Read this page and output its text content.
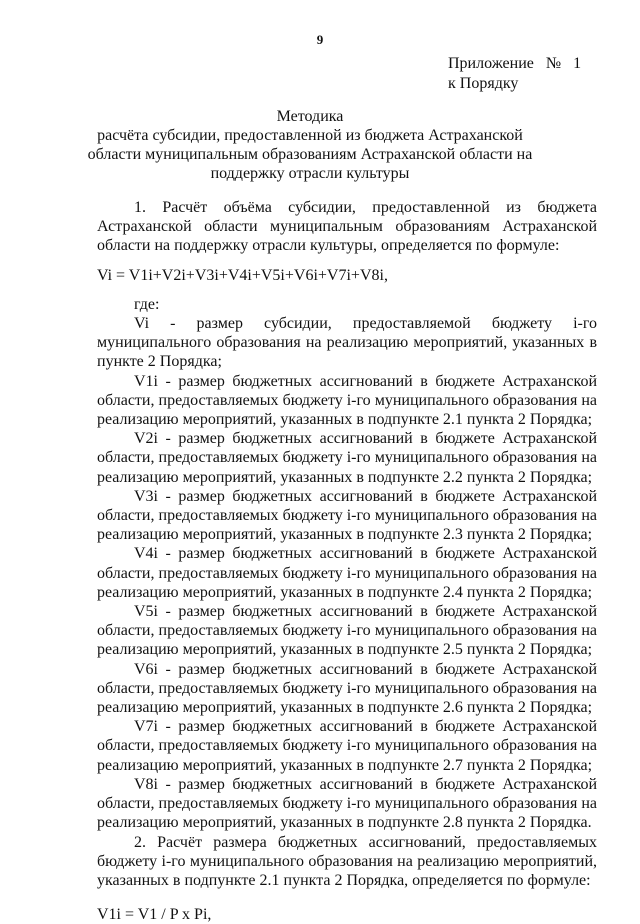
9
Приложение   №   1
к Порядку
Методика
расчёта субсидии, предоставленной из бюджета Астраханской области муниципальным образованиям Астраханской области на поддержку отрасли культуры

1. Расчёт объёма субсидии, предоставленной из бюджета Астраханской области муниципальным образованиям Астраханской области на поддержку отрасли культуры, определяется по формуле:

Vi = V1i+V2i+V3i+V4i+V5i+V6i+V7i+V8i,

где:

Vi - размер субсидии, предоставляемой бюджету i-го муниципального образования на реализацию мероприятий, указанных в пункте 2 Порядка;

V1i - размер бюджетных ассигнований в бюджете Астраханской области, предоставляемых бюджету i-го муниципального образования на реализацию мероприятий, указанных в подпункте 2.1 пункта 2 Порядка;

V2i - размер бюджетных ассигнований в бюджете Астраханской области, предоставляемых бюджету i-го муниципального образования на реализацию мероприятий, указанных в подпункте 2.2 пункта 2 Порядка;

V3i - размер бюджетных ассигнований в бюджете Астраханской области, предоставляемых бюджету i-го муниципального образования на реализацию мероприятий, указанных в подпункте 2.3 пункта 2 Порядка;

V4i - размер бюджетных ассигнований в бюджете Астраханской области, предоставляемых бюджету i-го муниципального образования на реализацию мероприятий, указанных в подпункте 2.4 пункта 2 Порядка;

V5i - размер бюджетных ассигнований в бюджете Астраханской области, предоставляемых бюджету i-го муниципального образования на реализацию мероприятий, указанных в подпункте 2.5 пункта 2 Порядка;

V6i - размер бюджетных ассигнований в бюджете Астраханской области, предоставляемых бюджету i-го муниципального образования на реализацию мероприятий, указанных в подпункте 2.6 пункта 2 Порядка;

V7i - размер бюджетных ассигнований в бюджете Астраханской области, предоставляемых бюджету i-го муниципального образования на реализацию мероприятий, указанных в подпункте 2.7 пункта 2 Порядка;

V8i - размер бюджетных ассигнований в бюджете Астраханской области, предоставляемых бюджету i-го муниципального образования на реализацию мероприятий, указанных в подпункте 2.8 пункта 2 Порядка.

2. Расчёт размера бюджетных ассигнований, предоставляемых бюджету i-го муниципального образования на реализацию мероприятий, указанных в подпункте 2.1 пункта 2 Порядка, определяется по формуле:

V1i = V1 / P x Pi,
